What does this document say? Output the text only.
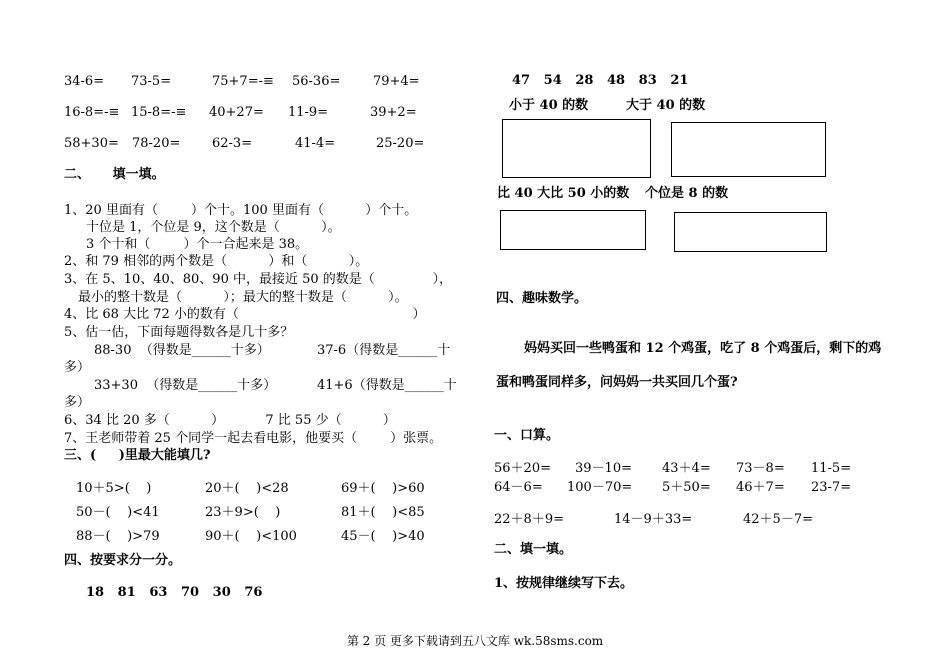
34-6= 73-5=	75+7=-≡ 56-36=	79+4=
16-8=-≡ 15-8=-≡ 40+27= 11-9=	39+2=
58+30= 78-20= 62-3=	41-4=	25-20=
二、     填一填。
1、20 里面有（        ）个十。100 里面有（          ）个十。
十位是 1，个位是 9，这个数是（          ）。
3 个十和（        ）个一合起来是 38。
2、和 79 相邻的两个数是（          ）和（          ）。
3、在 5、10、40、80、90 中，最接近 50 的数是（              ），
最小的整十数是（          ）；最大的整十数是（          ）。
4、比 68 大比 72 小的数有（                                          ）
5、估一估，下面每题得数各是几十多？
88-30  （得数是______十多）	37-6（得数是______十
多）
33+30  （得数是______十多）	41+6（得数是______十
多）
6、34 比 20 多（          ）          7 比 55 少（          ）
7、王老师带着 25 个同学一起去看电影，他要买（        ）张票。
三、(     )里最大能填几?
10＋5>(    )	20＋(    )<28	69＋(    )>60
50－(    )<41	23＋9>(    )	81＋(    )<85
88－(    )>79	90＋(    )<100	45－(    )>40
四、按要求分一分。
18   81   63   70   30   76
47   54   28   48   83   21
小于 40 的数	大于 40 的数
比 40 大比 50 小的数 个位是 8 的数
四、趣味数学。
妈妈买回一些鸭蛋和 12 个鸡蛋，吃了 8 个鸡蛋后，剩下的鸡
蛋和鸭蛋同样多，问妈妈一共买回几个蛋?
一、口算。
56＋20= 39－10= 43＋4= 73－8= 11-5=
64－6= 100－70= 5＋50= 46＋7= 23-7=
22＋8＋9=	14－9＋33=	42＋5－7=
二、填一填。
1、按规律继续写下去。
第 2 页 更多下载请到五八文库 wk.58sms.com
